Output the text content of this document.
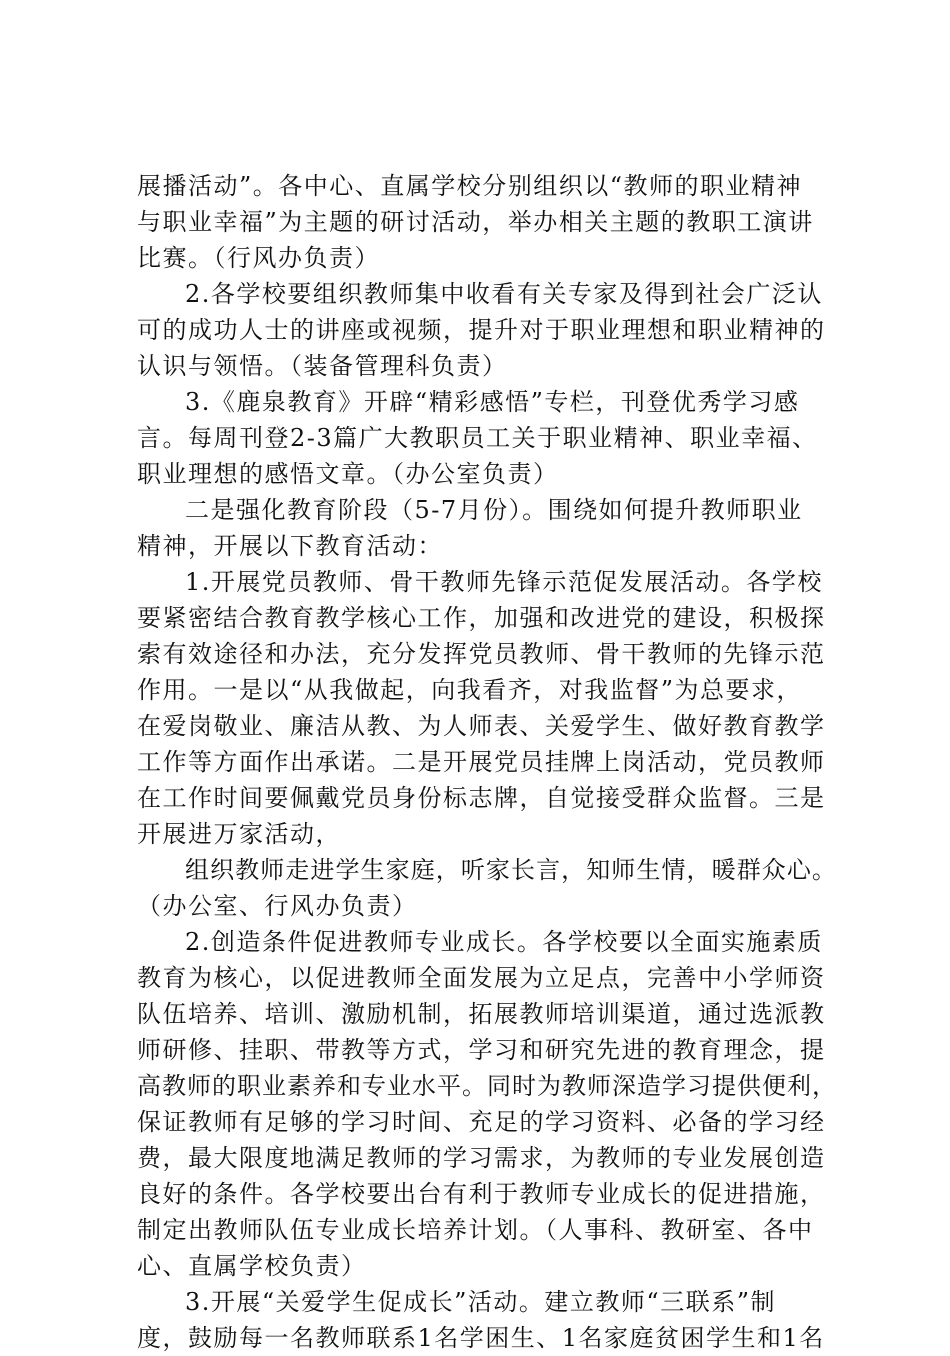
展播活动”。各中心、直属学校分别组织以“教师的职业精神
与职业幸福”为主题的研讨活动，举办相关主题的教职工演讲
比赛。（行风办负责）
2.各学校要组织教师集中收看有关专家及得到社会广泛认
可的成功人士的讲座或视频，提升对于职业理想和职业精神的
认识与领悟。（装备管理科负责）
3.《鹿泉教育》开辟“精彩感悟”专栏，刊登优秀学习感
言。每周刊登2-3篇广大教职员工关于职业精神、职业幸福、
职业理想的感悟文章。（办公室负责）
二是强化教育阶段（5-7月份）。围绕如何提升教师职业
精神，开展以下教育活动：
1.开展党员教师、骨干教师先锋示范促发展活动。各学校
要紧密结合教育教学核心工作，加强和改进党的建设，积极探
索有效途径和办法，充分发挥党员教师、骨干教师的先锋示范
作用。一是以“从我做起，向我看齐，对我监督”为总要求，
在爱岗敬业、廉洁从教、为人师表、关爱学生、做好教育教学
工作等方面作出承诺。二是开展党员挂牌上岗活动，党员教师
在工作时间要佩戴党员身份标志牌，自觉接受群众监督。三是
开展进万家活动，
组织教师走进学生家庭，听家长言，知师生情，暖群众心。
（办公室、行风办负责）
2.创造条件促进教师专业成长。各学校要以全面实施素质
教育为核心，以促进教师全面发展为立足点，完善中小学师资
队伍培养、培训、激励机制，拓展教师培训渠道，通过选派教
师研修、挂职、带教等方式，学习和研究先进的教育理念，提
高教师的职业素养和专业水平。同时为教师深造学习提供便利，
保证教师有足够的学习时间、充足的学习资料、必备的学习经
费，最大限度地满足教师的学习需求，为教师的专业发展创造
良好的条件。各学校要出台有利于教师专业成长的促进措施，
制定出教师队伍专业成长培养计划。（人事科、教研室、各中
心、直属学校负责）
3.开展“关爱学生促成长”活动。建立教师“三联系”制
度，鼓励每一名教师联系1名学困生、1名家庭贫困学生和1名
